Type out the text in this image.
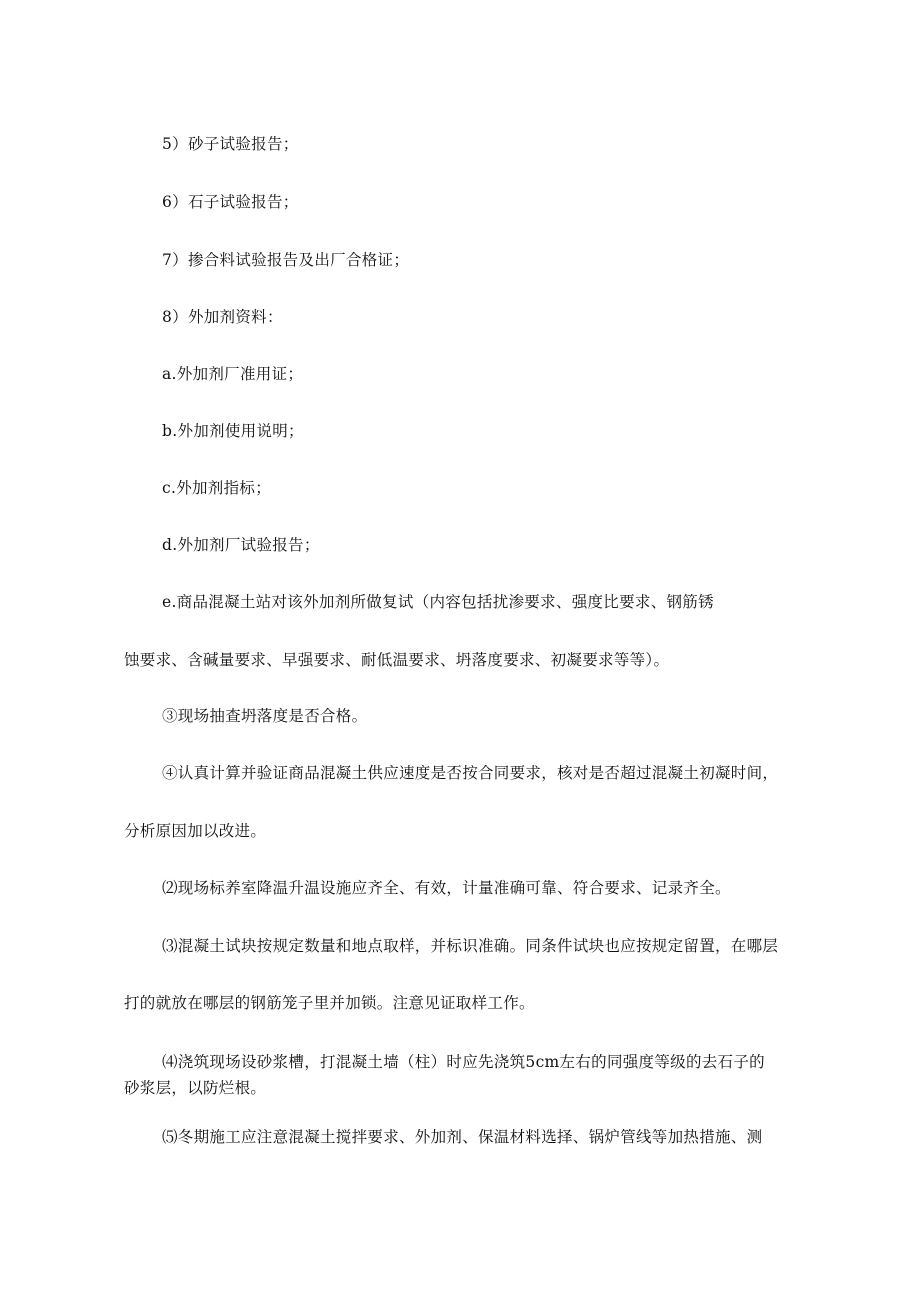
5）砂子试验报告；

6）石子试验报告；

7）掺合料试验报告及出厂合格证；

8）外加剂资料：

a.外加剂厂准用证；

b.外加剂使用说明；

c.外加剂指标；

d.外加剂厂试验报告；

e.商品混凝土站对该外加剂所做复试（内容包括扰渗要求、强度比要求、钢筋锈

蚀要求、含碱量要求、早强要求、耐低温要求、坍落度要求、初凝要求等等）。

③现场抽查坍落度是否合格。

④认真计算并验证商品混凝土供应速度是否按合同要求，核对是否超过混凝土初凝时间，

分析原因加以改进。

⑵现场标养室降温升温设施应齐全、有效，计量准确可靠、符合要求、记录齐全。

⑶混凝土试块按规定数量和地点取样，并标识准确。同条件试块也应按规定留置，在哪层

打的就放在哪层的钢筋笼子里并加锁。注意见证取样工作。

⑷浇筑现场设砂浆槽，打混凝土墙（柱）时应先浇筑5cm左右的同强度等级的去石子的

砂浆层，以防烂根。

⑸冬期施工应注意混凝土搅拌要求、外加剂、保温材料选择、锅炉管线等加热措施、测
